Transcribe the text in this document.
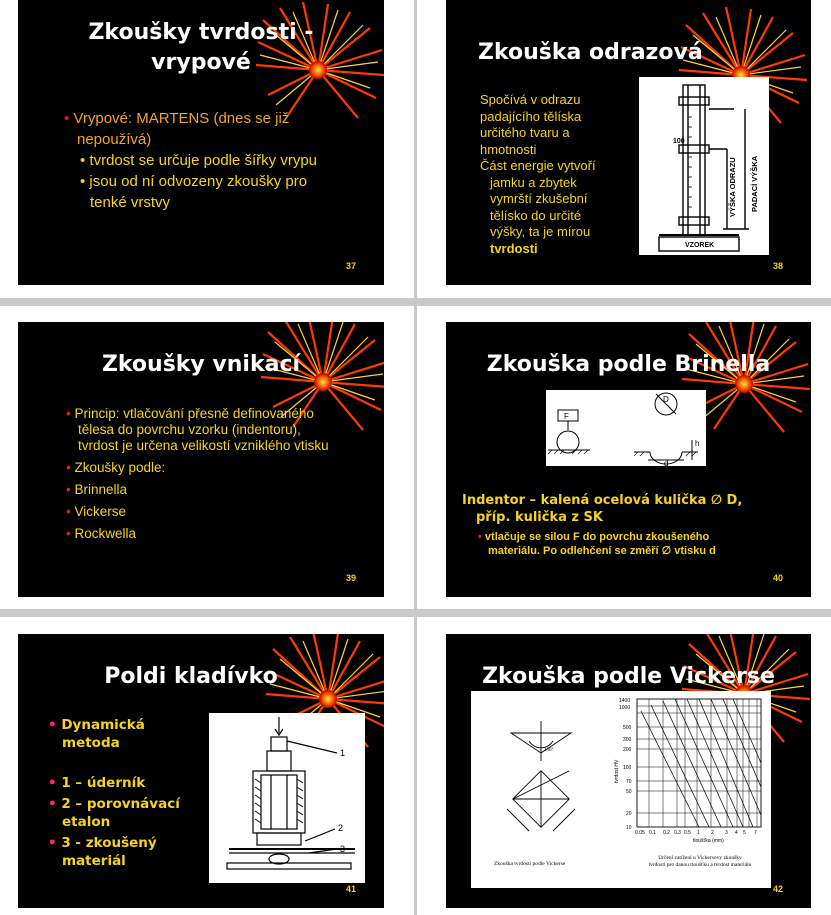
Zkoušky tvrdosti -
vrypové
• Vrypové: MARTENS (dnes se již
nepoužívá)
• tvrdost se určuje podle šířky vrypu
• jsou od ní odvozeny zkoušky pro
tenké vrstvy
37
Zkouška odrazová
Spočívá v odrazu
padajícího tělíska
určitého tvaru a
hmotnosti
Část energie vytvoří
jamku a zbytek
vymrští zkušební
tělísko do určité
výšky, ta je mírou
tvrdosti
100
VZOREK
VÝŠKA ODRAZU PADACÍ VÝŠKA
38
Zkoušky vnikací
• Princip: vtlačování přesně definovaného
tělesa do povrchu vzorku (indentoru),
tvrdost je určena velikostí vzniklého vtisku
• Zkoušky podle:
• Brinnella
• Vickerse
• Rockwella
39
Zkouška podle Brinella
F
D
d
h
Indentor – kalená ocelová kulička ∅ D,
příp. kulička z SK
• vtlačuje se silou F do povrchu zkoušeného
materiálu. Po odlehčení se změří ∅ vtisku d
40
Poldi kladívko
• Dynamická
metoda
• 1 – úderník
• 2 – porovnávací
etalon
• 3 - zkoušený
materiál
1
2
3
41
Zkouška podle Vickerse
136°
Zkouška tvrdosti podle Vickerse
1400
1000
500
300
200
100
70
50
20
10
0.05 0.1 0.2 0.3 0.5 1 2 3 4 5 7
tvrdost HV
tloušťka (mm)
Určení zatížení u Vickersovy zkoušky
tvrdosti pro danou tloušťku a tvrdost materiálu
42
